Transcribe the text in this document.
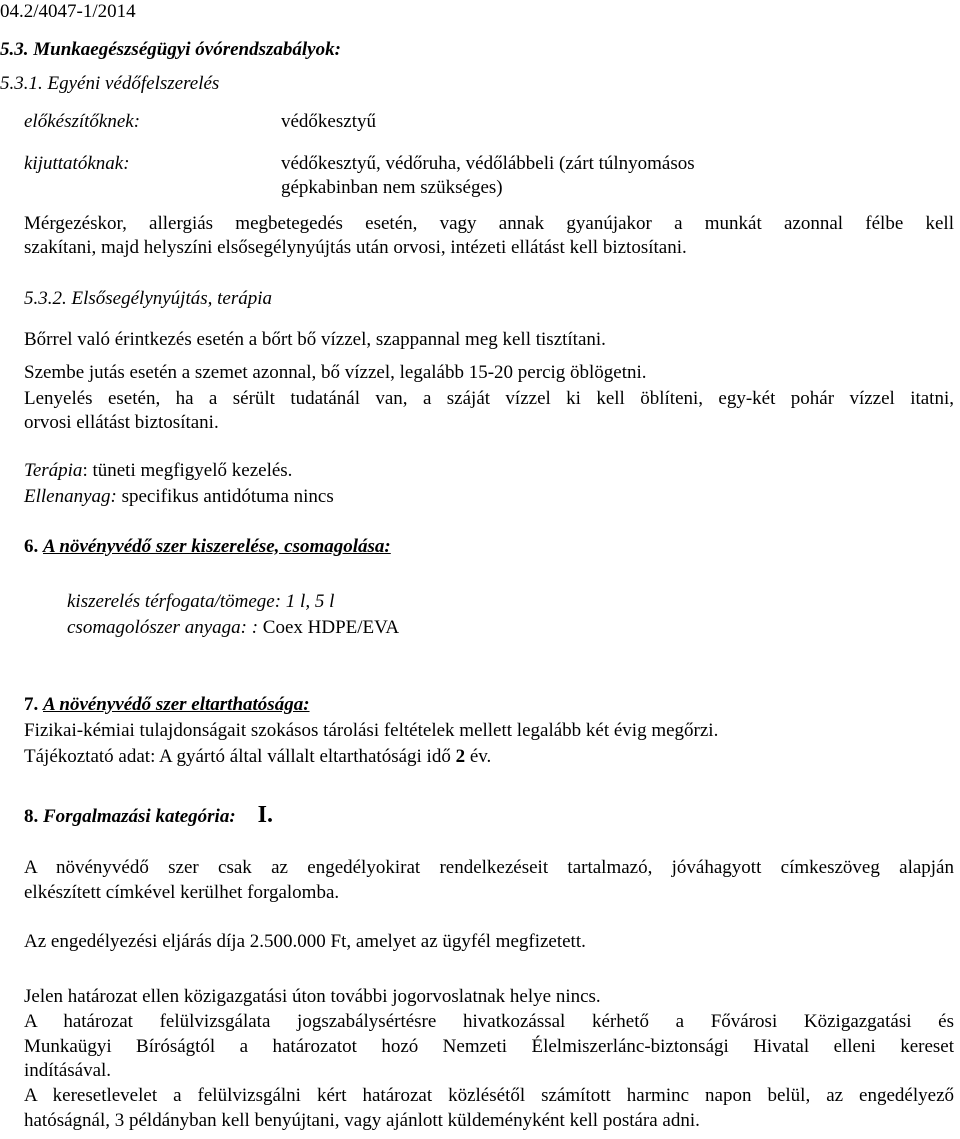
04.2/4047-1/2014
5.3. Munkaegészségügyi óvórendszabályok:
5.3.1. Egyéni védőfelszerelés
előkészítőknek:	védőkesztyű
kijuttatóknak:	védőkesztyű, védőruha, védőlábbeli (zárt túlnyomásos
gépkabinban nem szükséges)
Mérgezéskor, allergiás megbetegedés esetén, vagy annak gyanújakor a munkát azonnal félbe kell
szakítani, majd helyszíni elsősegélynyújtás után orvosi, intézeti ellátást kell biztosítani.
5.3.2. Elsősegélynyújtás, terápia
Bőrrel való érintkezés esetén a bőrt bő vízzel, szappannal meg kell tisztítani.
Szembe jutás esetén a szemet azonnal, bő vízzel, legalább 15-20 percig öblögetni.
Lenyelés esetén, ha a sérült tudatánál van, a száját vízzel ki kell öblíteni, egy-két pohár vízzel itatni,
orvosi ellátást biztosítani.
Terápia: tüneti megfigyelő kezelés.
Ellenanyag: specifikus antidótuma nincs
6. A növényvédő szer kiszerelése, csomagolása:
kiszerelés térfogata/tömege: 1 l, 5 l
csomagolószer anyaga: : Coex HDPE/EVA
7. A növényvédő szer eltarthatósága:
Fizikai-kémiai tulajdonságait szokásos tárolási feltételek mellett legalább két évig megőrzi.
Tájékoztató adat: A gyártó által vállalt eltarthatósági idő 2 év.
8. Forgalmazási kategória: I.
A növényvédő szer csak az engedélyokirat rendelkezéseit tartalmazó, jóváhagyott címkeszöveg alapján
elkészített címkével kerülhet forgalomba.
Az engedélyezési eljárás díja 2.500.000 Ft, amelyet az ügyfél megfizetett.
Jelen határozat ellen közigazgatási úton további jogorvoslatnak helye nincs.
A határozat felülvizsgálata jogszabálysértésre hivatkozással kérhető a Fővárosi Közigazgatási és
Munkaügyi Bíróságtól a határozatot hozó Nemzeti Élelmiszerlánc-biztonsági Hivatal elleni kereset
indításával.
A keresetlevelet a felülvizsgálni kért határozat közlésétől számított harminc napon belül, az engedélyező
hatóságnál, 3 példányban kell benyújtani, vagy ajánlott küldeményként kell postára adni.
